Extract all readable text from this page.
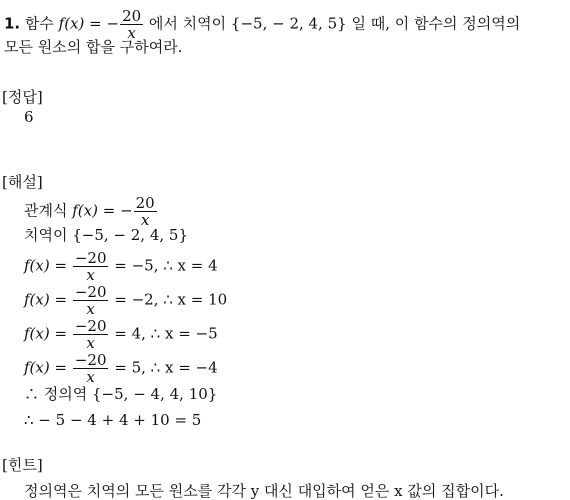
1. 함수 f(x) = − $\frac{20}{x}$ 에서 치역이 {−5, − 2, 4, 5} 일 때, 이 함수의 정의역의
모든 원소의 합을 구하여라.
[정답]
6
[해설]
관계식 f(x) = − $\frac{20}{x}$
치역이 {−5, − 2, 4, 5}
$f(x) = \frac{-20}{x} = -5$, ∴ x = 4
$f(x) = \frac{-20}{x} = -2$, ∴ x = 10
$f(x) = \frac{-20}{x} = 4$, ∴ x = −5
$f(x) = \frac{-20}{x} = 5$, ∴ x = −4
∴ 정의역 {−5, − 4, 4, 10}
∴ − 5 − 4 + 4 + 10 = 5
[힌트]
정의역은 치역의 모든 원소를 각각 y 대신 대입하여 얻은 x 값의 집합이다.
